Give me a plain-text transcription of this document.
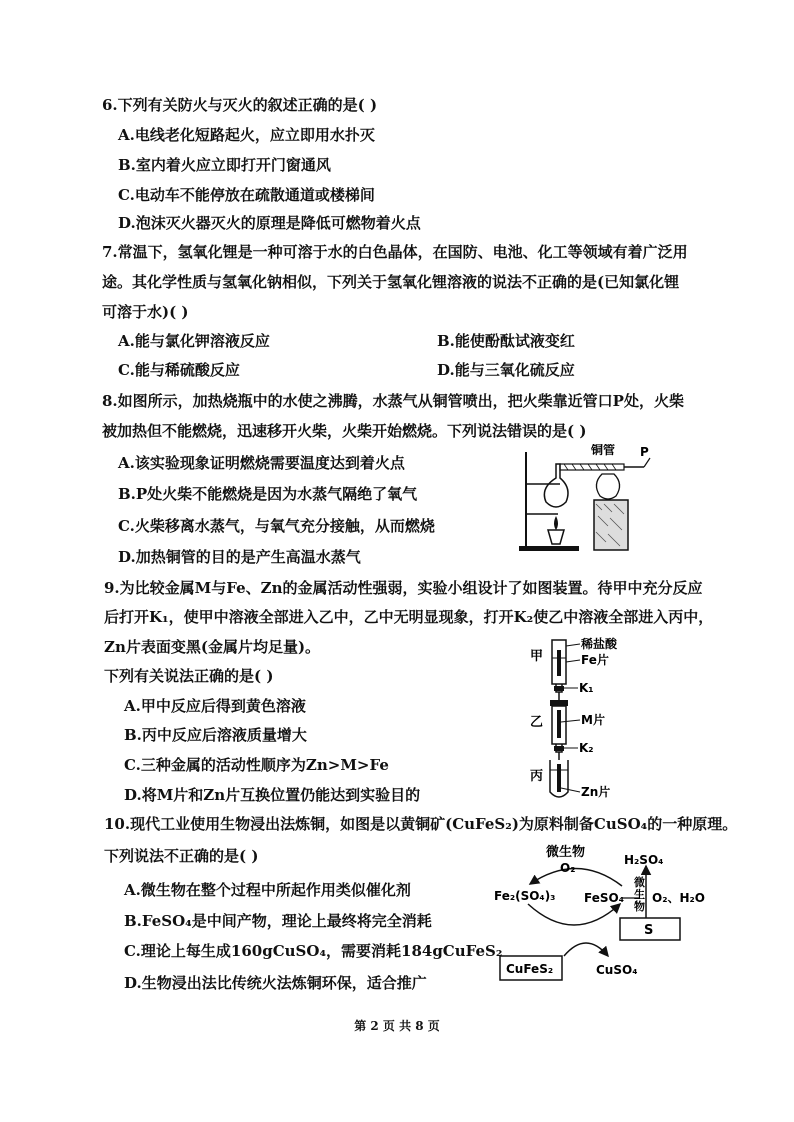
6.下列有关防火与灭火的叙述正确的是( )
A.电线老化短路起火，应立即用水扑灭
B.室内着火应立即打开门窗通风
C.电动车不能停放在疏散通道或楼梯间
D.泡沫灭火器灭火的原理是降低可燃物着火点
7.常温下，氢氧化锂是一种可溶于水的白色晶体，在国防、电池、化工等领域有着广泛用
途。其化学性质与氢氧化钠相似，下列关于氢氧化锂溶液的说法不正确的是(已知氯化锂
可溶于水)( )
A.能与氯化钾溶液反应	B.能使酚酞试液变红
C.能与稀硫酸反应	D.能与三氧化硫反应
8.如图所示，加热烧瓶中的水使之沸腾，水蒸气从铜管喷出，把火柴靠近管口P处，火柴
被加热但不能燃烧，迅速移开火柴，火柴开始燃烧。下列说法错误的是( )
A.该实验现象证明燃烧需要温度达到着火点
B.P处火柴不能燃烧是因为水蒸气隔绝了氧气
C.火柴移离水蒸气，与氧气充分接触，从而燃烧
D.加热铜管的目的是产生高温水蒸气
铜管 P
9.为比较金属M与Fe、Zn的金属活动性强弱，实验小组设计了如图装置。待甲中充分反应
后打开K₁，使甲中溶液全部进入乙中，乙中无明显现象，打开K₂使乙中溶液全部进入丙中，
Zn片表面变黑(金属片均足量)。
下列有关说法正确的是( )
A.甲中反应后得到黄色溶液
B.丙中反应后溶液质量增大
C.三种金属的活动性顺序为Zn>M>Fe
D.将M片和Zn片互换位置仍能达到实验目的
甲
乙
丙
稀盐酸
Fe片
K₁
M片
K₂
Zn片
10.现代工业使用生物浸出法炼铜，如图是以黄铜矿(CuFeS₂)为原料制备CuSO₄的一种原理。
下列说法不正确的是( )
A.微生物在整个过程中所起作用类似催化剂
B.FeSO₄是中间产物，理论上最终将完全消耗
C.理论上每生成160gCuSO₄，需要消耗184gCuFeS₂
D.生物浸出法比传统火法炼铜环保，适合推广
微生物
O₂
H₂SO₄
Fe₂(SO₄)₃ FeSO₄
微
生
物
O₂、H₂O
S
CuFeS₂	CuSO₄
第 2 页 共 8 页
